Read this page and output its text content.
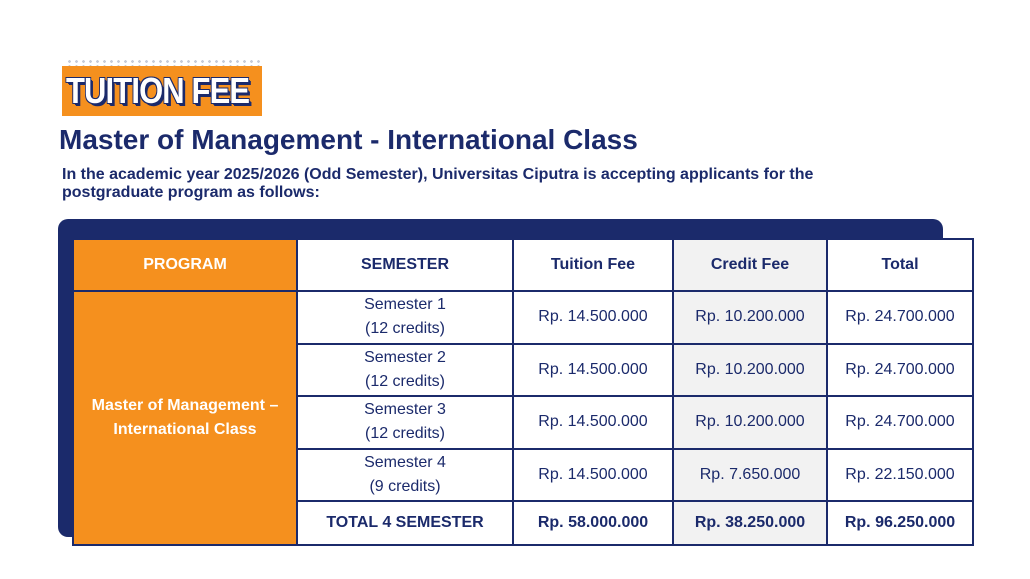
TUITION FEE
Master of Management - International Class

In the academic year 2025/2026 (Odd Semester), Universitas Ciputra is accepting applicants for the postgraduate program as follows:

PROGRAM	SEMESTER	Tuition Fee	Credit Fee	Total

Master of Management –
International Class	Semester 1
(12 credits)	Rp. 14.500.000	Rp. 10.200.000	Rp. 24.700.000

	Semester 2
(12 credits)	Rp. 14.500.000	Rp. 10.200.000	Rp. 24.700.000

	Semester 3
(12 credits)	Rp. 14.500.000	Rp. 10.200.000	Rp. 24.700.000

	Semester 4
(9 credits)	Rp. 14.500.000	Rp. 7.650.000	Rp. 22.150.000
	TOTAL 4 SEMESTER	Rp. 58.000.000	Rp. 38.250.000	Rp. 96.250.000
